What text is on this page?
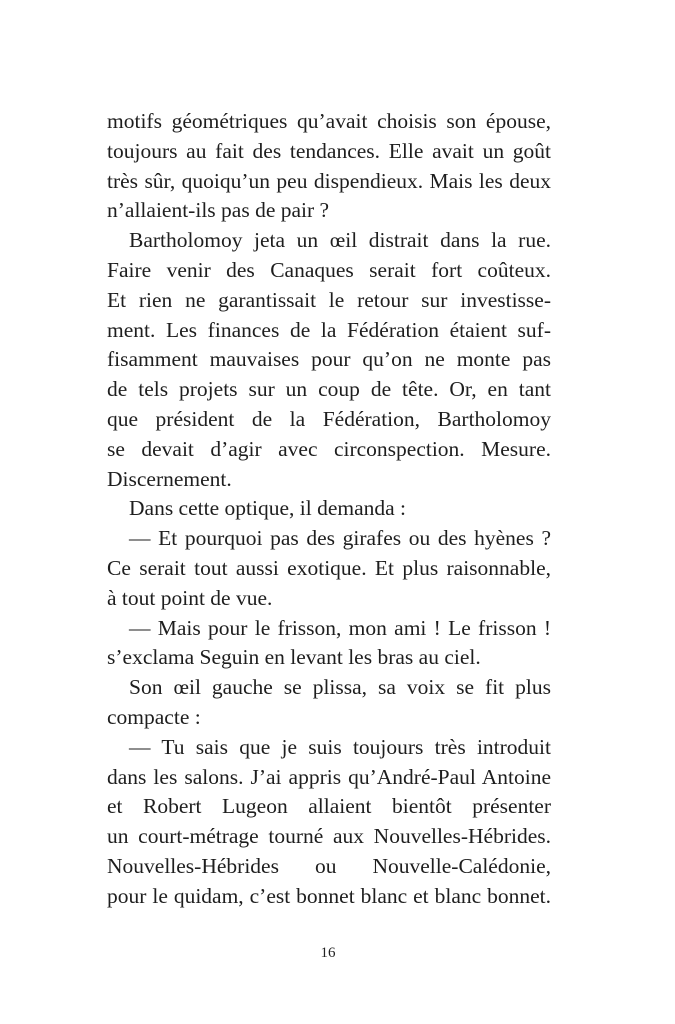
motifs géométriques qu’avait choisis son épouse,
toujours au fait des tendances. Elle avait un goût
très sûr, quoiqu’un peu dispendieux. Mais les deux
n’allaient-ils pas de pair ?
Bartholomoy jeta un œil distrait dans la rue.
Faire venir des Canaques serait fort coûteux.
Et rien ne garantissait le retour sur investisse-
ment. Les finances de la Fédération étaient suf-
fisamment mauvaises pour qu’on ne monte pas
de tels projets sur un coup de tête. Or, en tant
que président de la Fédération, Bartholomoy
se devait d’agir avec circonspection. Mesure.
Discernement.
Dans cette optique, il demanda :
— Et pourquoi pas des girafes ou des hyènes ?
Ce serait tout aussi exotique. Et plus raisonnable,
à tout point de vue.
— Mais pour le frisson, mon ami ! Le frisson !
s’exclama Seguin en levant les bras au ciel.
Son œil gauche se plissa, sa voix se fit plus
compacte :
— Tu sais que je suis toujours très introduit
dans les salons. J’ai appris qu’André-Paul Antoine
et Robert Lugeon allaient bientôt présenter
un court-métrage tourné aux Nouvelles-Hébrides.
Nouvelles-Hébrides ou Nouvelle-Calédonie,
pour le quidam, c’est bonnet blanc et blanc bonnet.
16
